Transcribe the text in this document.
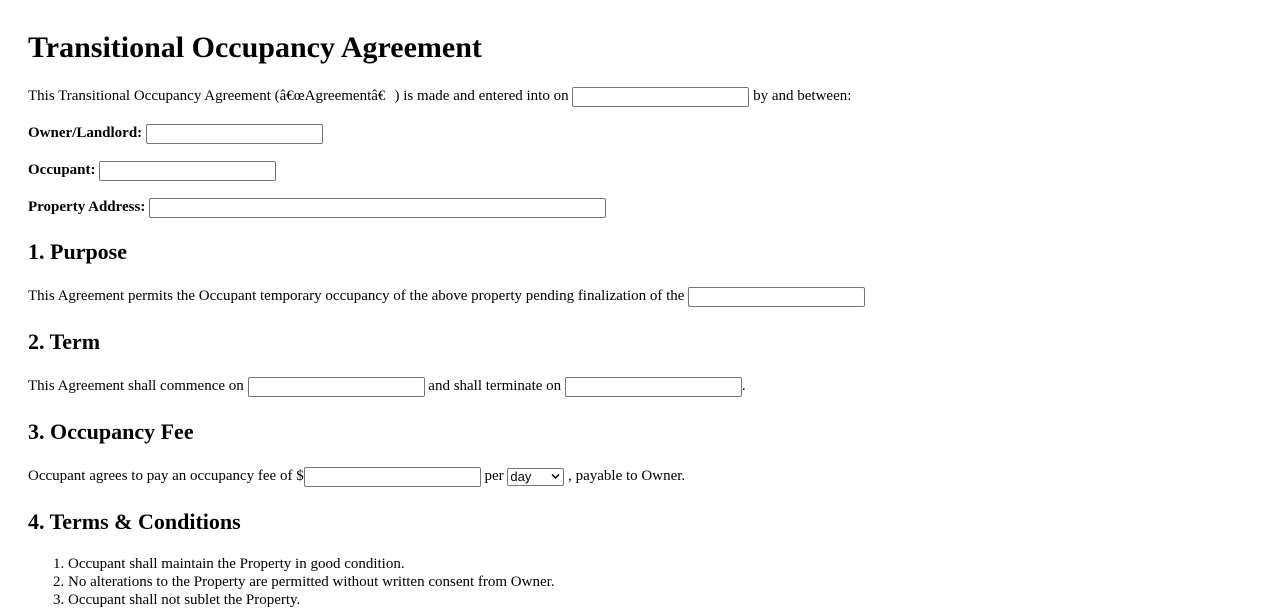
Transitional Occupancy Agreement

This Transitional Occupancy Agreement (â€œAgreementâ€) is made and entered into on	by and between:

Owner/Landlord:

Occupant:

Property Address:

1. Purpose

This Agreement permits the Occupant temporary occupancy of the above property pending finalization of the

2. Term

This Agreement shall commence on	and shall terminate on	.

3. Occupancy Fee

Occupant agrees to pay an occupancy fee of $	per day , payable to Owner.

4. Terms & Conditions
1. Occupant shall maintain the Property in good condition.
2. No alterations to the Property are permitted without written consent from Owner.
3. Occupant shall not sublet the Property.
